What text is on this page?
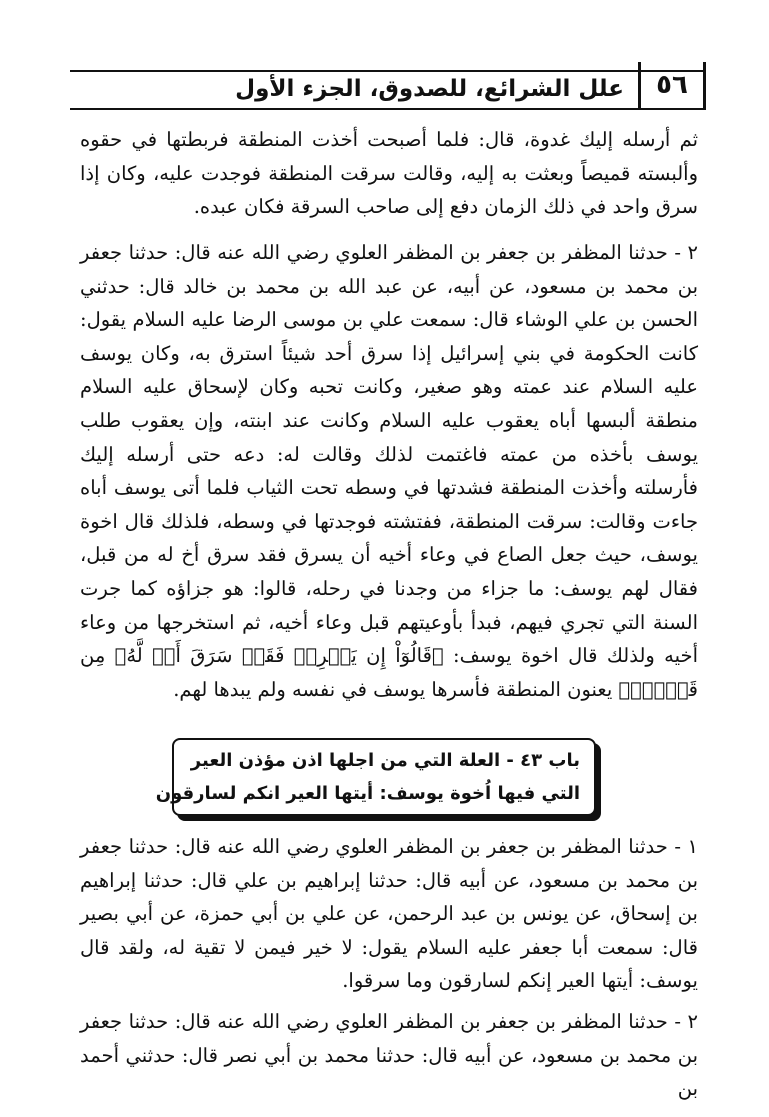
٥٦
علل الشرائع، للصدوق، الجزء الأول

ثم أرسله إليك غدوة، قال: فلما أصبحت أخذت المنطقة فربطتها في حقوه وألبسته قميصاً وبعثت به إليه، وقالت سرقت المنطقة فوجدت عليه، وكان إذا سرق واحد في ذلك الزمان دفع إلى صاحب السرقة فكان عبده.

٢ - حدثنا المظفر بن جعفر بن المظفر العلوي رضي الله عنه قال: حدثنا جعفر بن محمد بن مسعود، عن أبيه، عن عبد الله بن محمد بن خالد قال: حدثني الحسن بن علي الوشاء قال: سمعت علي بن موسى الرضا عليه السلام يقول: كانت الحكومة في بني إسرائيل إذا سرق أحد شيئاً استرق به، وكان يوسف عليه السلام عند عمته وهو صغير، وكانت تحبه وكان لإسحاق عليه السلام منطقة ألبسها أباه يعقوب عليه السلام وكانت عند ابنته، وإن يعقوب طلب يوسف بأخذه من عمته فاغتمت لذلك وقالت له: دعه حتى أرسله إليك فأرسلته وأخذت المنطقة فشدتها في وسطه تحت الثياب فلما أتى يوسف أباه جاءت وقالت: سرقت المنطقة، ففتشته فوجدتها في وسطه، فلذلك قال اخوة يوسف، حيث جعل الصاع في وعاء أخيه أن يسرق فقد سرق أخ له من قبل، فقال لهم يوسف: ما جزاء من وجدنا في رحله، قالوا: هو جزاؤه كما جرت السنة التي تجري فيهم، فبدأ بأوعيتهم قبل وعاء أخيه، ثم استخرجها من وعاء أخيه ولذلك قال اخوة يوسف: ﴿قَالُوٓاْ إِن يَسۡرِقۡ فَقَدۡ سَرَقَ أَخٞ لَّهُۥ مِن قَبۡلُۚ﴾ يعنون المنطقة فأسرها يوسف في نفسه ولم يبدها لهم.

باب ٤٣ - العلة التي من اجلها اذن مؤذن العير
التي فيها اُخوة يوسف: أيتها العير انكم لسارقون

١ - حدثنا المظفر بن جعفر بن المظفر العلوي رضي الله عنه قال: حدثنا جعفر بن محمد بن مسعود، عن أبيه قال: حدثنا إبراهيم بن علي قال: حدثنا إبراهيم بن إسحاق، عن يونس بن عبد الرحمن، عن علي بن أبي حمزة، عن أبي بصير قال: سمعت أبا جعفر عليه السلام يقول: لا خير فيمن لا تقية له، ولقد قال يوسف: أيتها العير إنكم لسارقون وما سرقوا.

٢ - حدثنا المظفر بن جعفر بن المظفر العلوي رضي الله عنه قال: حدثنا جعفر بن محمد بن مسعود، عن أبيه قال: حدثنا محمد بن أبي نصر قال: حدثني أحمد بن
